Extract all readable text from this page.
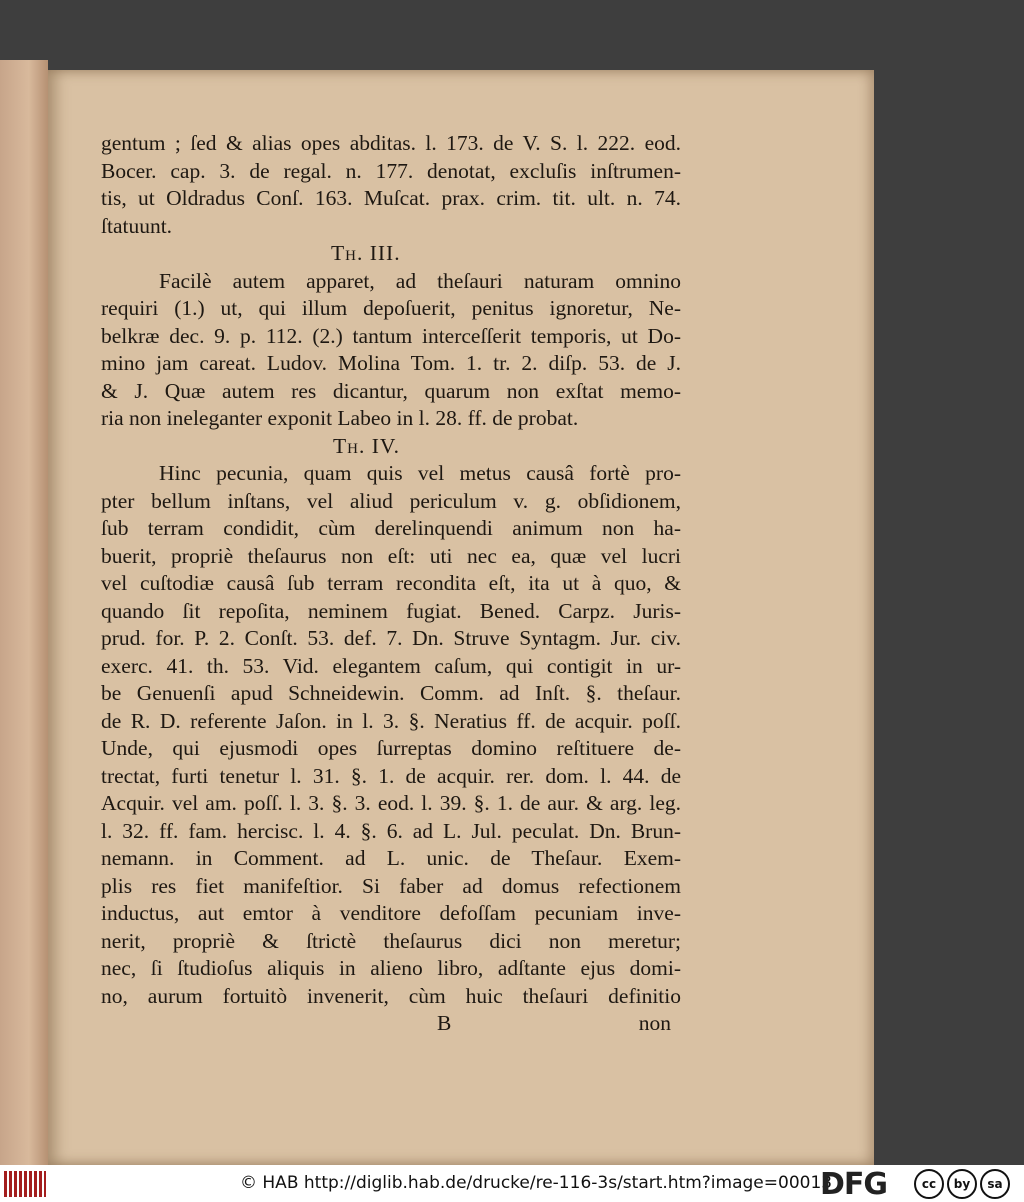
gentum ; ſed & alias opes abditas. l. 173. de V. S. l. 222. eod.
Bocer. cap. 3. de regal. n. 177. denotat, excluſis inſtrumen-
tis, ut Oldradus Conſ. 163. Muſcat. prax. crim. tit. ult. n. 74.
ſtatuunt.
Th. III.
Facilè autem apparet, ad theſauri naturam omnino
requiri (1.) ut, qui illum depoſuerit, penitus ignoretur, Ne-
belkræ dec. 9. p. 112. (2.) tantum interceſſerit temporis, ut Do-
mino jam careat. Ludov. Molina Tom. 1. tr. 2. diſp. 53. de J.
& J. Quæ autem res dicantur, quarum non exſtat memo-
ria non ineleganter exponit Labeo in l. 28. ff. de probat.
Th. IV.
Hinc pecunia, quam quis vel metus causâ fortè pro-
pter bellum inſtans, vel aliud periculum v. g. obſidionem,
ſub terram condidit, cùm derelinquendi animum non ha-
buerit, propriè theſaurus non eſt: uti nec ea, quæ vel lucri
vel cuſtodiæ causâ ſub terram recondita eſt, ita ut à quo, &
quando ſit repoſita, neminem fugiat. Bened. Carpz. Juris-
prud. for. P. 2. Conſt. 53. def. 7. Dn. Struve Syntagm. Jur. civ.
exerc. 41. th. 53. Vid. elegantem caſum, qui contigit in ur-
be Genuenſi apud Schneidewin. Comm. ad Inſt. §. theſaur.
de R. D. referente Jaſon. in l. 3. §. Neratius ff. de acquir. poſſ.
Unde, qui ejusmodi opes ſurreptas domino reſtituere de-
trectat, furti tenetur l. 31. §. 1. de acquir. rer. dom. l. 44. de
Acquir. vel am. poſſ. l. 3. §. 3. eod. l. 39. §. 1. de aur. & arg. leg.
l. 32. ff. fam. hercisc. l. 4. §. 6. ad L. Jul. peculat. Dn. Brun-
nemann. in Comment. ad L. unic. de Theſaur. Exem-
plis res fiet manifeſtior. Si faber ad domus refectionem
inductus, aut emtor à venditore defoſſam pecuniam inve-
nerit, propriè & ſtrictè theſaurus dici non meretur;
nec, ſi ſtudioſus aliquis in alieno libro, adſtante ejus domi-
no, aurum fortuitò invenerit, cùm huic theſauri definitio
B	non
© HAB http://diglib.hab.de/drucke/re-116-3s/start.htm?image=00013
DFG	cc	by	sa
